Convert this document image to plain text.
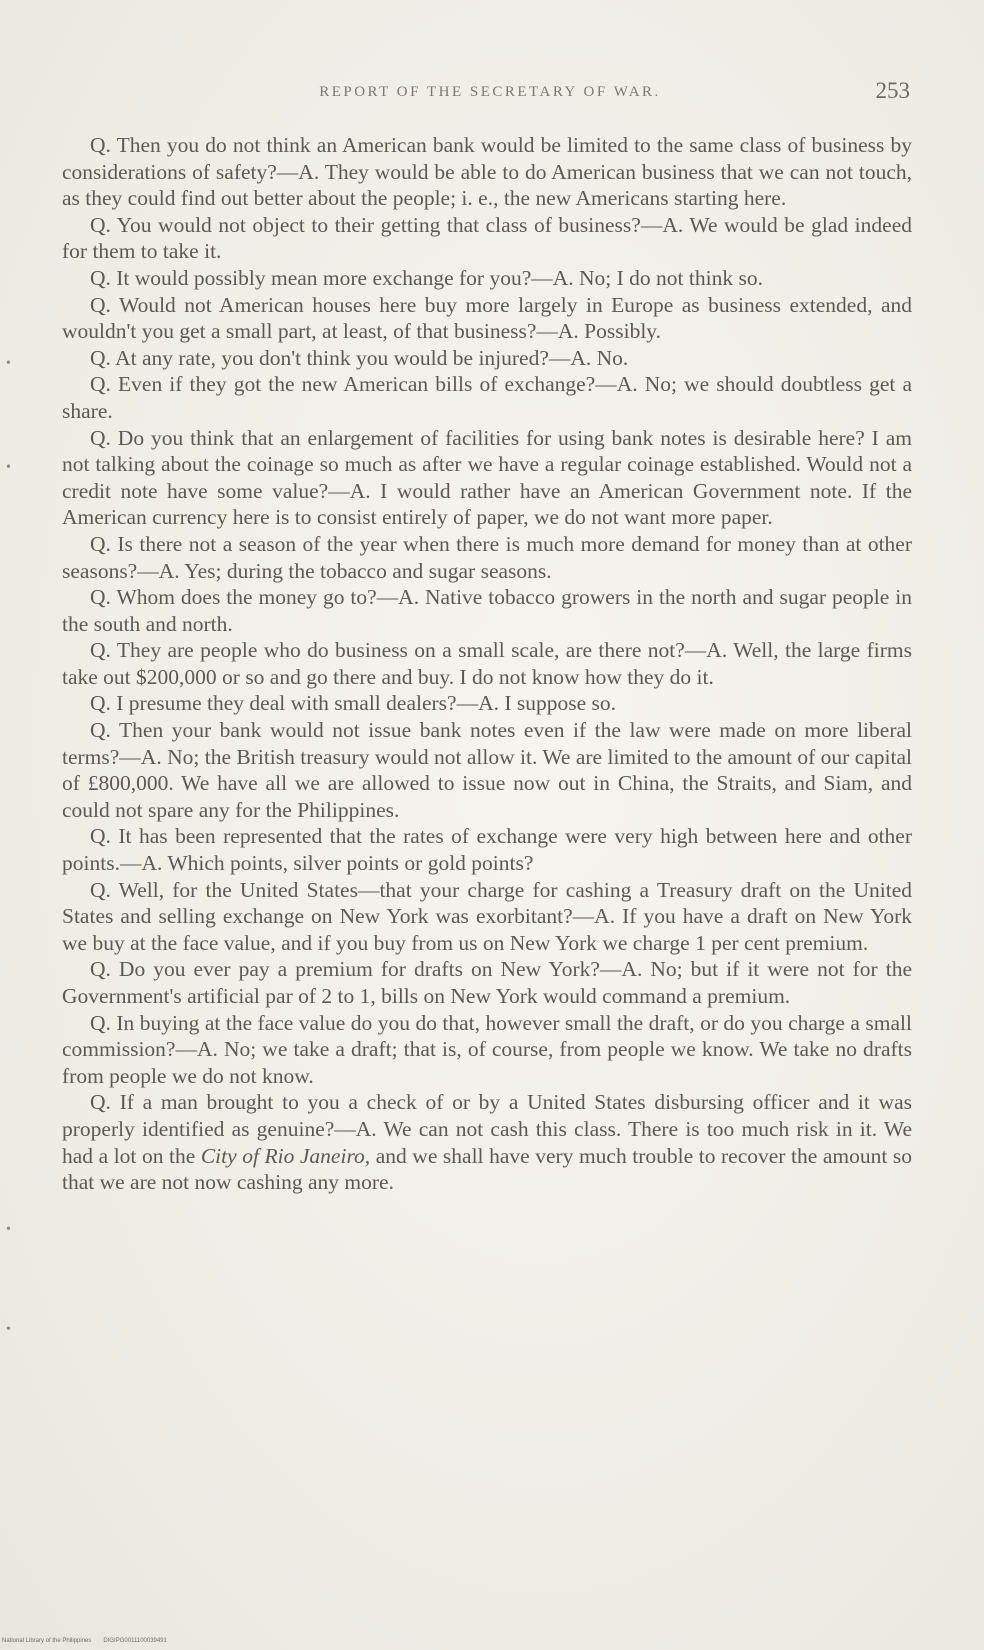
REPORT OF THE SECRETARY OF WAR.	253
•
•
•
•

Q. Then you do not think an American bank would be limited to the same class of business by considerations of safety?—A. They would be able to do American business that we can not touch, as they could find out better about the people; i. e., the new Americans starting here.

Q. You would not object to their getting that class of business?—A. We would be glad indeed for them to take it.

Q. It would possibly mean more exchange for you?—A. No; I do not think so.

Q. Would not American houses here buy more largely in Europe as business extended, and wouldn't you get a small part, at least, of that business?—A. Possibly.

Q. At any rate, you don't think you would be injured?—A. No.

Q. Even if they got the new American bills of exchange?—A. No; we should doubtless get a share.

Q. Do you think that an enlargement of facilities for using bank notes is desirable here? I am not talking about the coinage so much as after we have a regular coinage established. Would not a credit note have some value?—A. I would rather have an American Government note. If the American currency here is to consist entirely of paper, we do not want more paper.

Q. Is there not a season of the year when there is much more demand for money than at other seasons?—A. Yes; during the tobacco and sugar seasons.

Q. Whom does the money go to?—A. Native tobacco growers in the north and sugar people in the south and north.

Q. They are people who do business on a small scale, are there not?—A. Well, the large firms take out $200,000 or so and go there and buy. I do not know how they do it.

Q. I presume they deal with small dealers?—A. I suppose so.

Q. Then your bank would not issue bank notes even if the law were made on more liberal terms?—A. No; the British treasury would not allow it. We are limited to the amount of our capital of £800,000. We have all we are allowed to issue now out in China, the Straits, and Siam, and could not spare any for the Philippines.

Q. It has been represented that the rates of exchange were very high between here and other points.—A. Which points, silver points or gold points?

Q. Well, for the United States—that your charge for cashing a Treasury draft on the United States and selling exchange on New York was exorbitant?—A. If you have a draft on New York we buy at the face value, and if you buy from us on New York we charge 1 per cent premium.

Q. Do you ever pay a premium for drafts on New York?—A. No; but if it were not for the Government's artificial par of 2 to 1, bills on New York would command a premium.

Q. In buying at the face value do you do that, however small the draft, or do you charge a small commission?—A. No; we take a draft; that is, of course, from people we know. We take no drafts from people we do not know.

Q. If a man brought to you a check of or by a United States disbursing officer and it was properly identified as genuine?—A. We can not cash this class. There is too much risk in it. We had a lot on the City of Rio Janeiro, and we shall have very much trouble to recover the amount so that we are not now cashing any more.

National Library of the Philippines DIGIPG0011100039491
